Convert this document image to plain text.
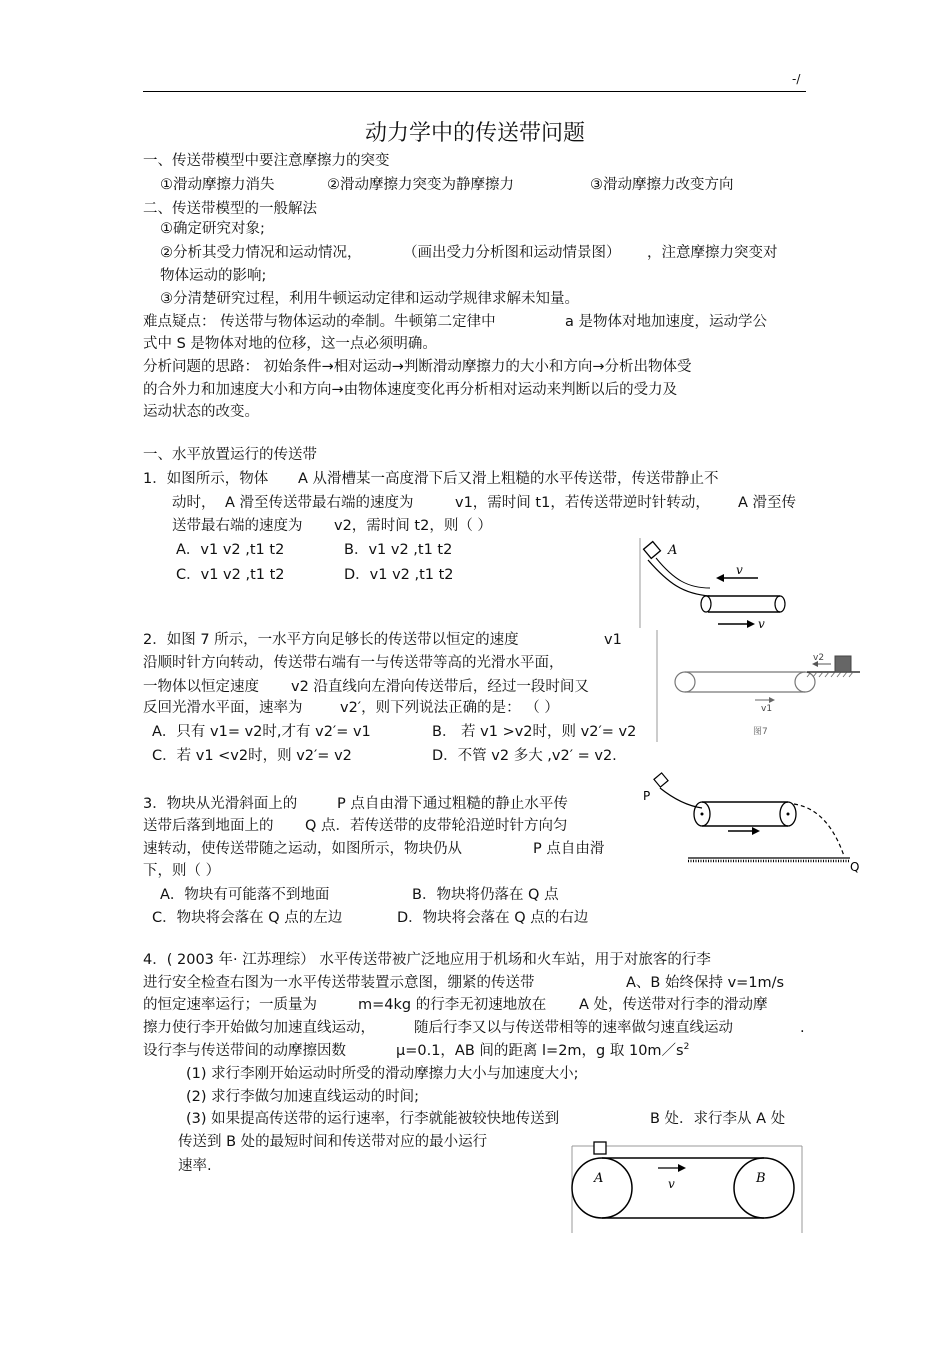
-/
动力学中的传送带问题
一、传送带模型中要注意摩擦力的突变
①滑动摩擦力消失	②滑动摩擦力突变为静摩擦力	③滑动摩擦力改变方向
二、传送带模型的一般解法
①确定研究对象;
②分析其受力情况和运动情况，	（画出受力分析图和运动情景图） ，注意摩擦力突变对
物体运动的影响;
③分清楚研究过程，利用牛顿运动定律和运动学规律求解未知量。
难点疑点： 传送带与物体运动的牵制。牛顿第二定律中	a 是物体对地加速度，运动学公
式中 S 是物体对地的位移，这一点必须明确。
分析问题的思路： 初始条件→相对运动→判断滑动摩擦力的大小和方向→分析出物体受
的合外力和加速度大小和方向→由物体速度变化再分析相对运动来判断以后的受力及
运动状态的改变。
一、水平放置运行的传送带
1．如图所示，物体 A 从滑槽某一高度滑下后又滑上粗糙的水平传送带，传送带静止不
动时， A 滑至传送带最右端的速度为	v1，需时间 t1，若传送带逆时针转动， A 滑至传
送带最右端的速度为 v2，需时间 t2，则（ ）
A．v1 v2 ,t1 t2	B．v1 v2 ,t1 t2
C．v1 v2 ,t1 t2	D．v1 v2 ,t1 t2
A
v
v
2．如图 7 所示，一水平方向足够长的传送带以恒定的速度	v1
沿顺时针方向转动，传送带右端有一与传送带等高的光滑水平面，
一物体以恒定速度 v2 沿直线向左滑向传送带后，经过一段时间又
反回光滑水平面，速率为	v2′，则下列说法正确的是： （ ）
A．只有 v1= v2时,才有 v2′= v1	B． 若 v1 >v2时，则 v2′= v2
C．若 v1 <v2时，则 v2′= v2	D．不管 v2 多大 ,v2′ = v2.
v2
v1
图7
3．物块从光滑斜面上的	P 点自由滑下通过粗糙的静止水平传
送带后落到地面上的 Q 点．若传送带的皮带轮沿逆时针方向匀
速转动，使传送带随之运动，如图所示，物块仍从	P 点自由滑
下，则（ ）
A．物块有可能落不到地面	B．物块将仍落在 Q 点
C．物块将会落在 Q 点的左边	D．物块将会落在 Q 点的右边
P
Q
4．( 2003 年· 江苏理综） 水平传送带被广泛地应用于机场和火车站，用于对旅客的行李
进行安全检查右图为一水平传送带装置示意图，绷紧的传送带	A、B 始终保持 v=1m/s
的恒定速率运行；一质量为	m=4kg 的行李无初速地放在 A 处，传送带对行李的滑动摩
擦力使行李开始做匀加速直线运动，	随后行李又以与传送带相等的速率做匀速直线运动	.
设行李与传送带间的动摩擦因数	μ=0.1，AB 间的距离 l=2m，g 取 $10m/s^2$
(1) 求行李刚开始运动时所受的滑动摩擦力大小与加速度大小;
(2) 求行李做匀加速直线运动的时间;
(3) 如果提高传送带的运行速率，行李就能被较快地传送到	B 处．求行李从 A 处
传送到 B 处的最短时间和传送带对应的最小运行
速率.
A	B
v
